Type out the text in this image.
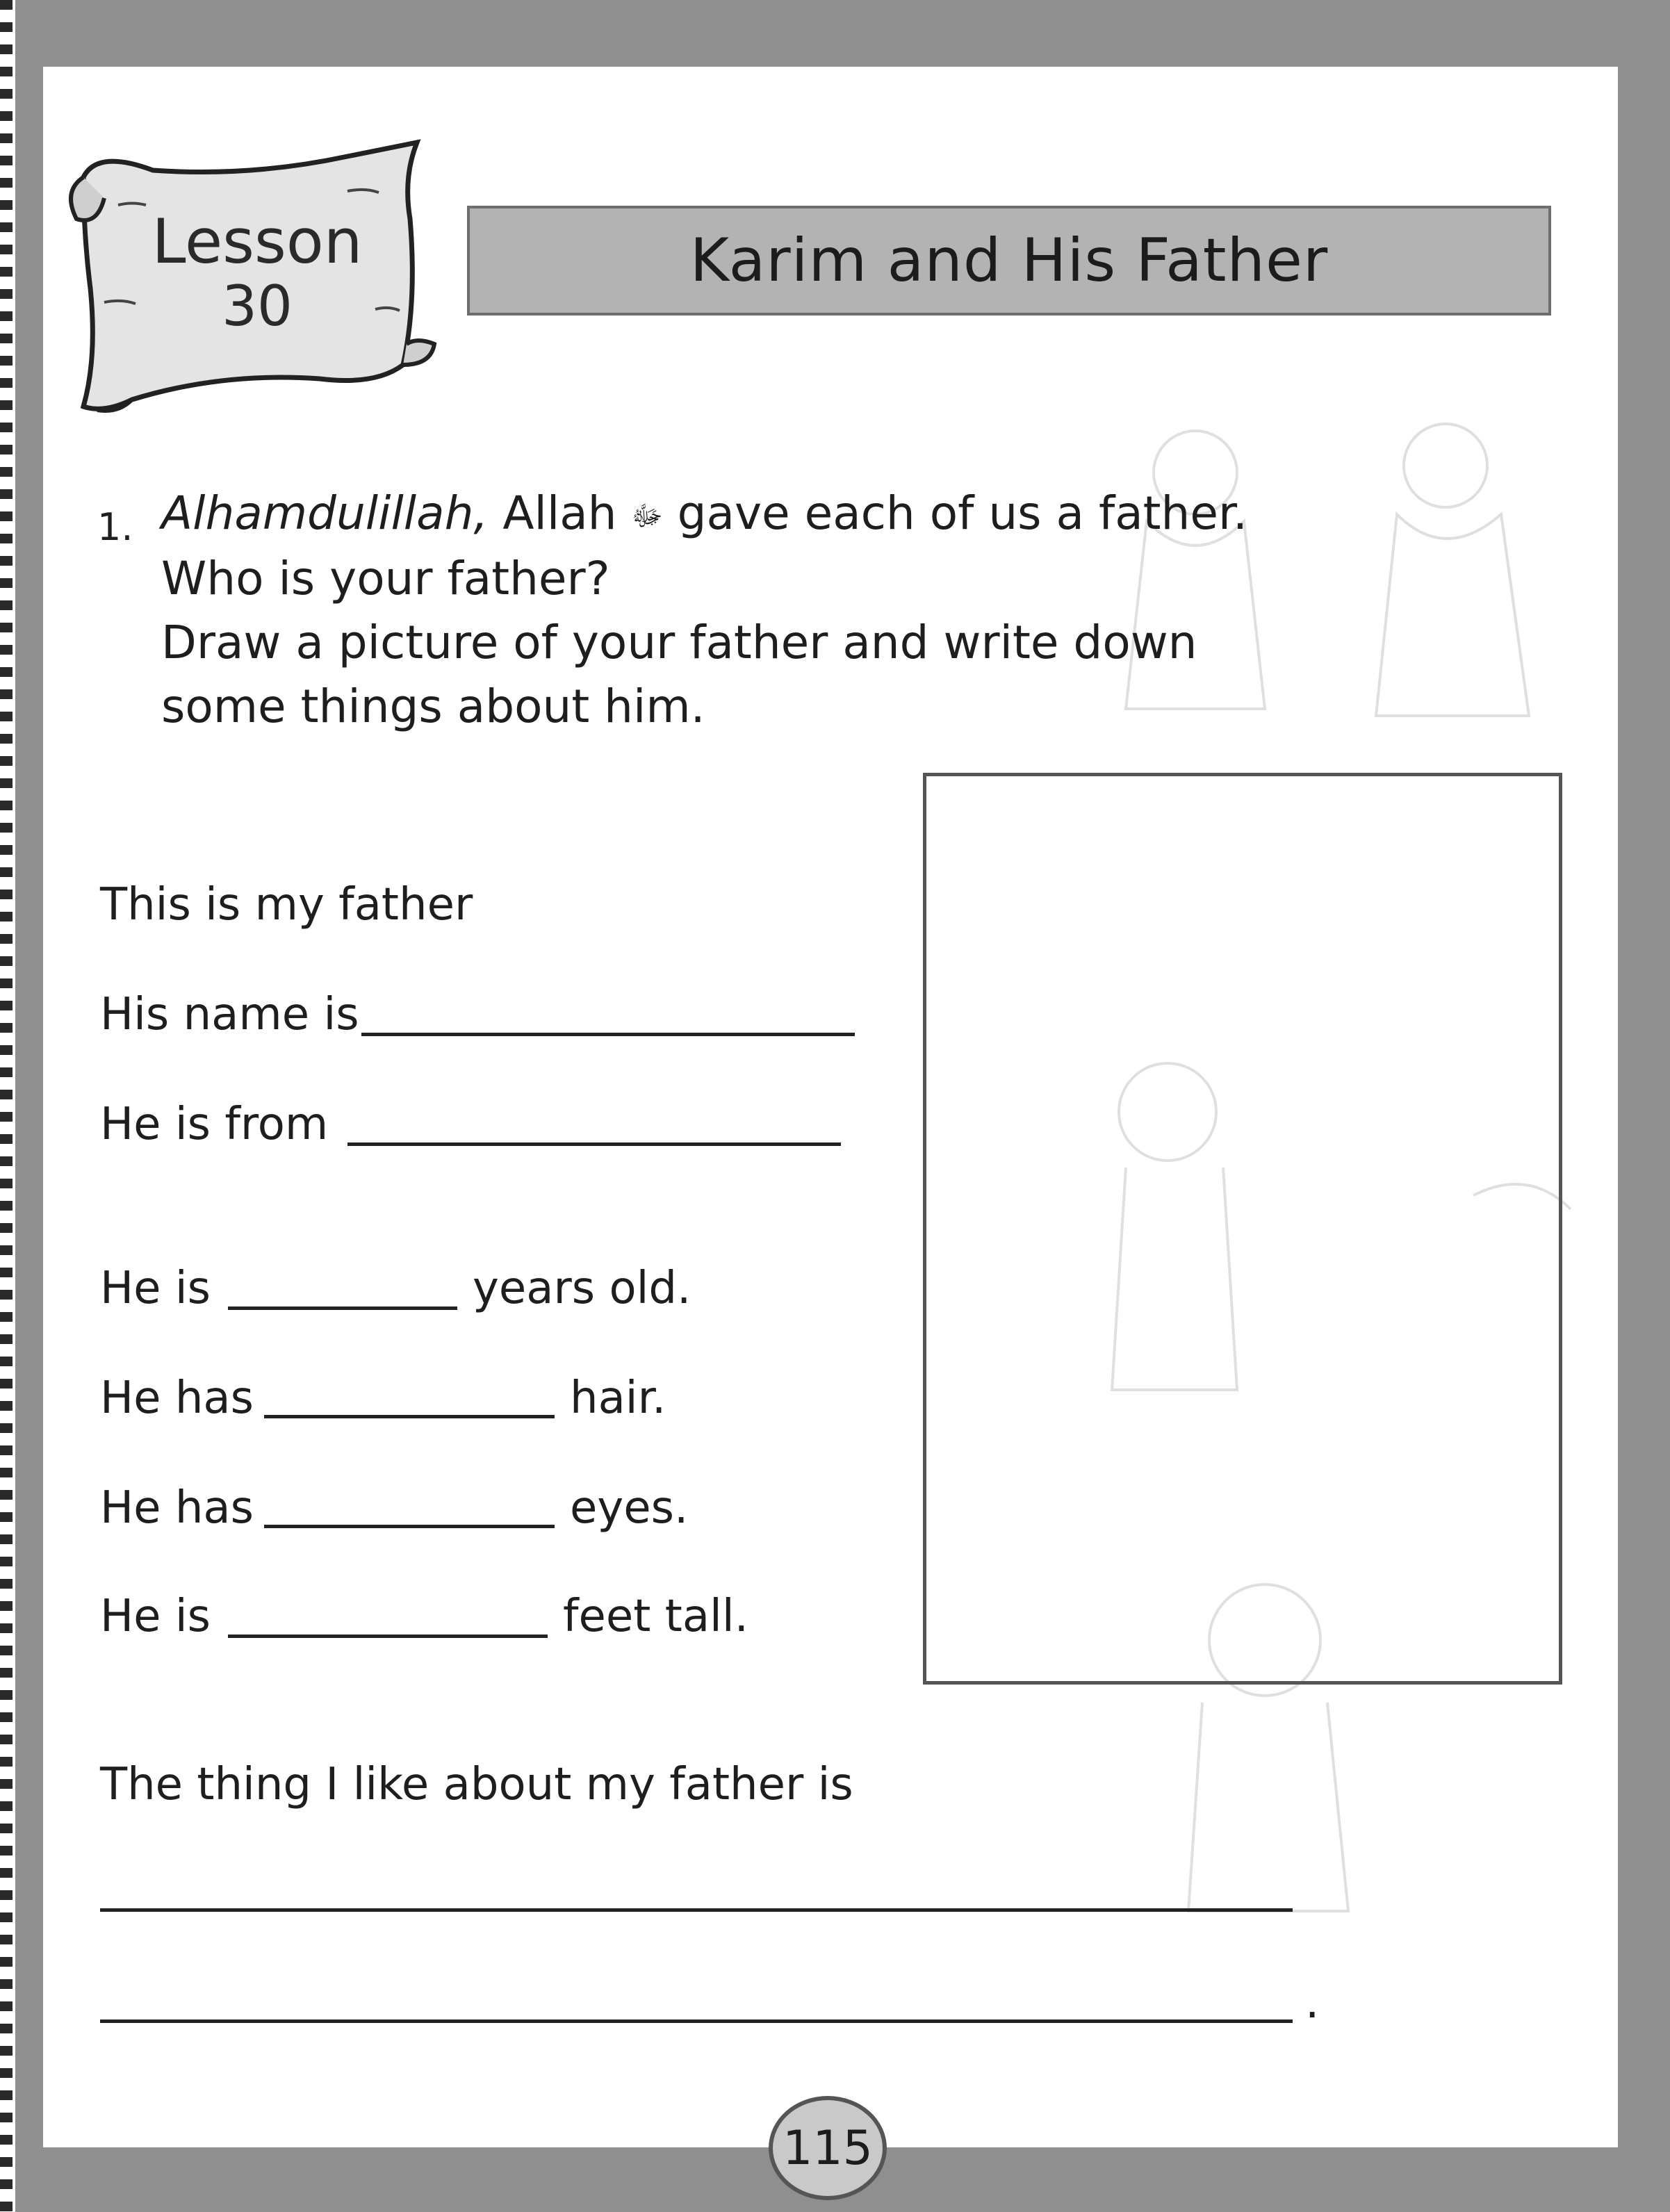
Lesson
30
Karim and His Father
1. Alhamdulillah, Allah ﷻ gave each of us a father.
Who is your father?
Draw a picture of your father and write down
some things about him.
This is my father
His name is
He is from
He is	years old.
He has	hair.
He has	eyes.
He is	feet tall.
The thing I like about my father is
.
115
